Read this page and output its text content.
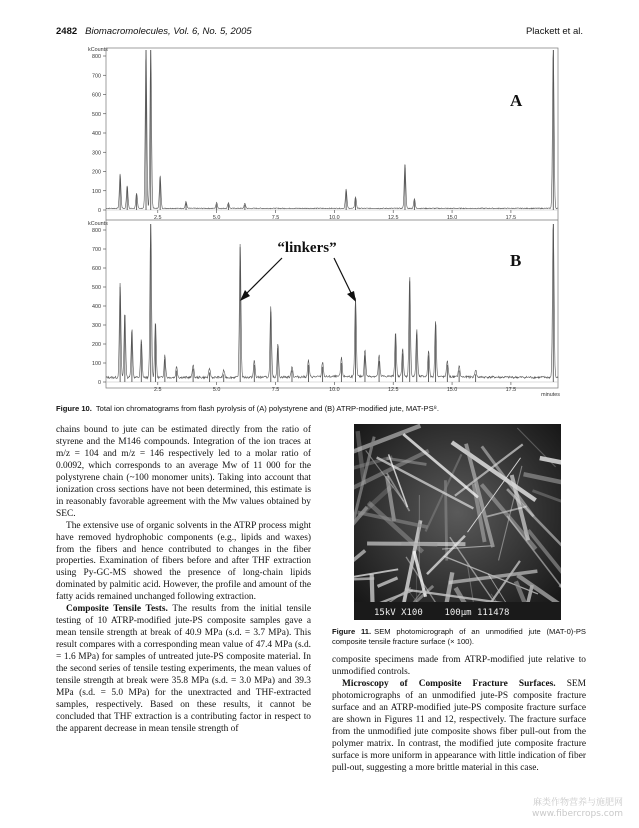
2482 Biomacromolecules, Vol. 6, No. 5, 2005	Plackett et al.
800
700
600
500
400
300
200
100
0
kCounts
A
2.5	5.0	7.5	10.0	12.5	15.0	17.5
800
700
600
500
400
300
200
100
0
kCounts
B
2.5	5.0	7.5	10.0	12.5	15.0	17.5
minutes
“linkers”
Figure 10. Total ion chromatograms from flash pyrolysis of (A) polystyrene and (B) ATRP-modified jute, MAT-PS⁸.

chains bound to jute can be estimated directly from the ratio of styrene and the M146 compounds. Integration of the ion traces at m/z = 104 and m/z = 146 respectively led to a molar ratio of 0.0092, which corresponds to an average Mw of 11 000 for the polystyrene chain (~100 monomer units). Taking into account that ionization cross sections have not been determined, this estimate is in reasonably favorable agreement with the Mw values obtained by SEC.

The extensive use of organic solvents in the ATRP process might have removed hydrophobic components (e.g., lipids and waxes) from the fibers and hence contributed to changes in the fiber properties. Examination of fibers before and after THF extraction using Py-GC-MS showed the presence of long-chain lipids dominated by palmitic acid. However, the profile and amount of the fatty acids remained unchanged following extraction.

Composite Tensile Tests. The results from the initial tensile testing of 10 ATRP-modified jute-PS composite samples gave a mean tensile strength at break of 40.9 MPa (s.d. = 3.7 MPa). This result compares with a corresponding mean value of 47.4 MPa (s.d. = 1.6 MPa) for samples of untreated jute-PS composite material. In the second series of tensile testing experiments, the mean values of tensile strength at break were 35.8 MPa (s.d. = 3.0 MPa) and 39.3 MPa (s.d. = 5.0 MPa) for the unextracted and THF-extracted samples, respectively. Based on these results, it cannot be concluded that THF extraction is a contributing factor in respect to the apparent decrease in mean tensile strength of

15kV X100    100µm 111478
Figure 11. SEM photomicrograph of an unmodified jute (MAT-0)-PS composite tensile fracture surface (× 100).

composite specimens made from ATRP-modified jute relative to unmodified controls.

Microscopy of Composite Fracture Surfaces. SEM photomicrographs of an unmodified jute-PS composite fracture surface and an ATRP-modified jute-PS composite fracture surface are shown in Figures 11 and 12, respectively. The fracture surface from the unmodified jute composite shows fiber pull-out from the polymer matrix. In contrast, the modified jute composite fracture surface is more uniform in appearance with little indication of fiber pull-out, suggesting a more brittle material in this case.

麻类作物营养与施肥网
www.fibercrops.com
